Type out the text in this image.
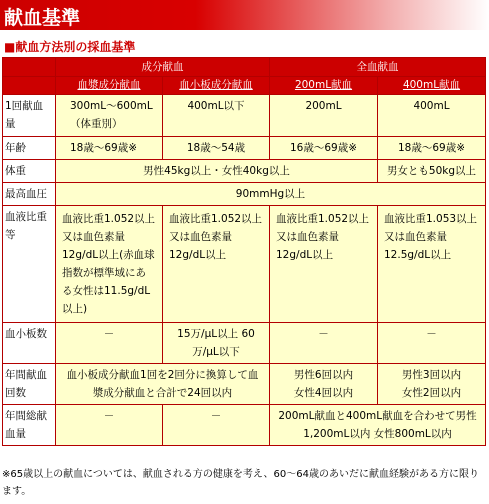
献血基準
■献血方法別の採血基準
	成分献血		全血献血	
	血漿成分献血	血小板成分献血	200mL献血	400mL献血
1回献血量	300mL～600mL（体重別）	400mL以下	200mL	400mL
年齢	18歳～69歳※	18歳～54歳	16歳～69歳※	18歳～69歳※
体重	男性45kg以上・女性40kg以上			男女とも50kg以上
最高血圧	90mmHg以上			
血液比重等	血液比重1.052以上又は血色素量12g/dL以上(赤血球指数が標準域にある女性は11.5g/dL以上)	血液比重1.052以上又は血色素量12g/dL以上	血液比重1.052以上又は血色素量12g/dL以上	血液比重1.053以上又は血色素量12.5g/dL以上
血小板数	－	15万/μL以上 60万/μL以下	－	－
年間献血回数	血小板成分献血1回を2回分に換算して血漿成分献血と合計で24回以内		男性6回以内 女性4回以内	男性3回以内 女性2回以内
年間総献血量	－	－	200mL献血と400mL献血を合わせて男性1,200mL以内 女性800mL以内	
※65歳以上の献血については、献血される方の健康を考え、60～64歳のあいだに献血経験がある方に限ります。
